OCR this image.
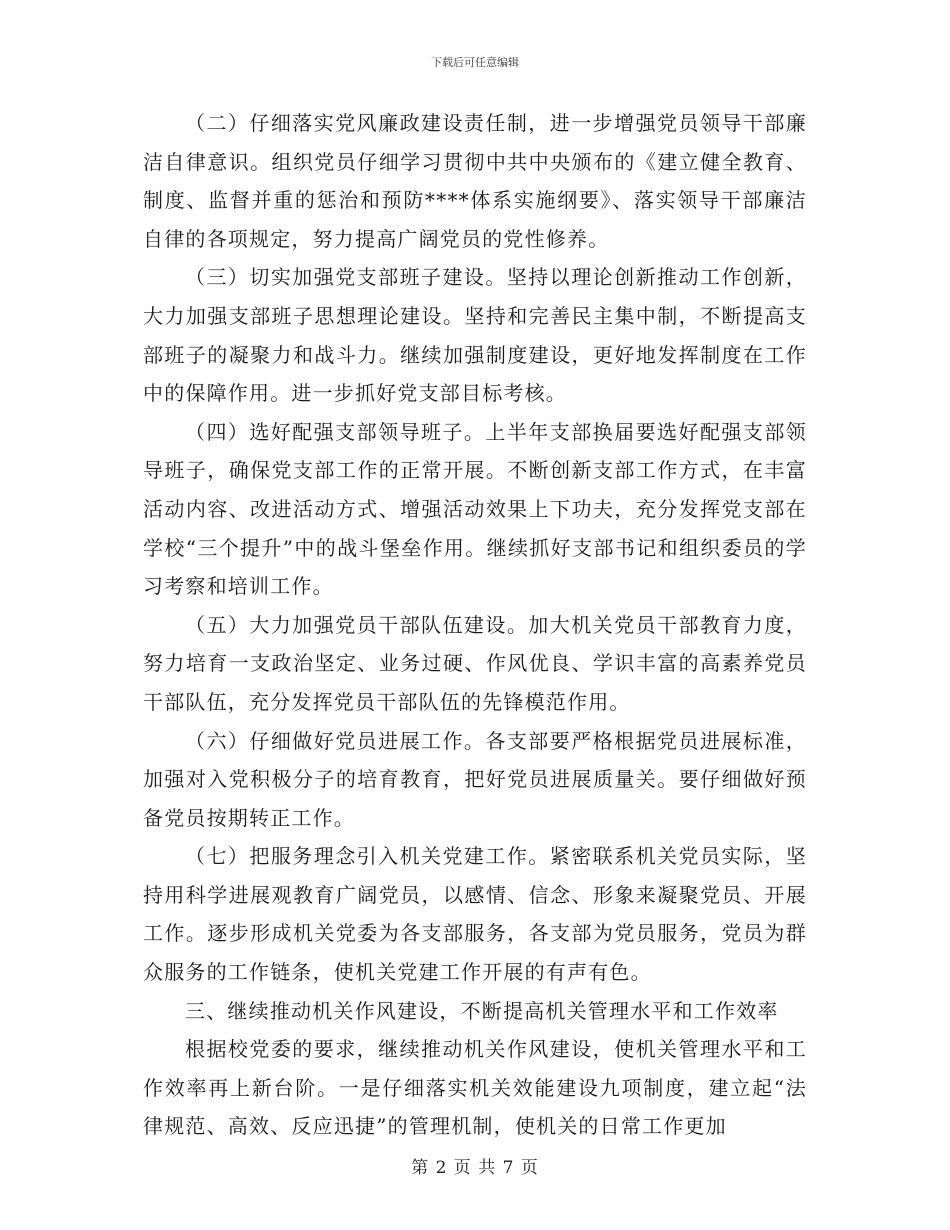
下载后可任意编辑

（二）仔细落实党风廉政建设责任制，进一步增强党员领导干部廉洁自律意识。组织党员仔细学习贯彻中共中央颁布的《建立健全教育、制度、监督并重的惩治和预防****体系实施纲要》、落实领导干部廉洁自律的各项规定，努力提高广阔党员的党性修养。

（三）切实加强党支部班子建设。坚持以理论创新推动工作创新，大力加强支部班子思想理论建设。坚持和完善民主集中制，不断提高支部班子的凝聚力和战斗力。继续加强制度建设，更好地发挥制度在工作中的保障作用。进一步抓好党支部目标考核。

（四）选好配强支部领导班子。上半年支部换届要选好配强支部领导班子，确保党支部工作的正常开展。不断创新支部工作方式，在丰富活动内容、改进活动方式、增强活动效果上下功夫，充分发挥党支部在学校“三个提升”中的战斗堡垒作用。继续抓好支部书记和组织委员的学习考察和培训工作。

（五）大力加强党员干部队伍建设。加大机关党员干部教育力度，努力培育一支政治坚定、业务过硬、作风优良、学识丰富的高素养党员干部队伍，充分发挥党员干部队伍的先锋模范作用。

（六）仔细做好党员进展工作。各支部要严格根据党员进展标准，加强对入党积极分子的培育教育，把好党员进展质量关。要仔细做好预备党员按期转正工作。

（七）把服务理念引入机关党建工作。紧密联系机关党员实际，坚持用科学进展观教育广阔党员，以感情、信念、形象来凝聚党员、开展工作。逐步形成机关党委为各支部服务，各支部为党员服务，党员为群众服务的工作链条，使机关党建工作开展的有声有色。

三、继续推动机关作风建设，不断提高机关管理水平和工作效率

根据校党委的要求，继续推动机关作风建设，使机关管理水平和工作效率再上新台阶。一是仔细落实机关效能建设九项制度，建立起“法律规范、高效、反应迅捷”的管理机制，使机关的日常工作更加

第 2 页 共 7 页
